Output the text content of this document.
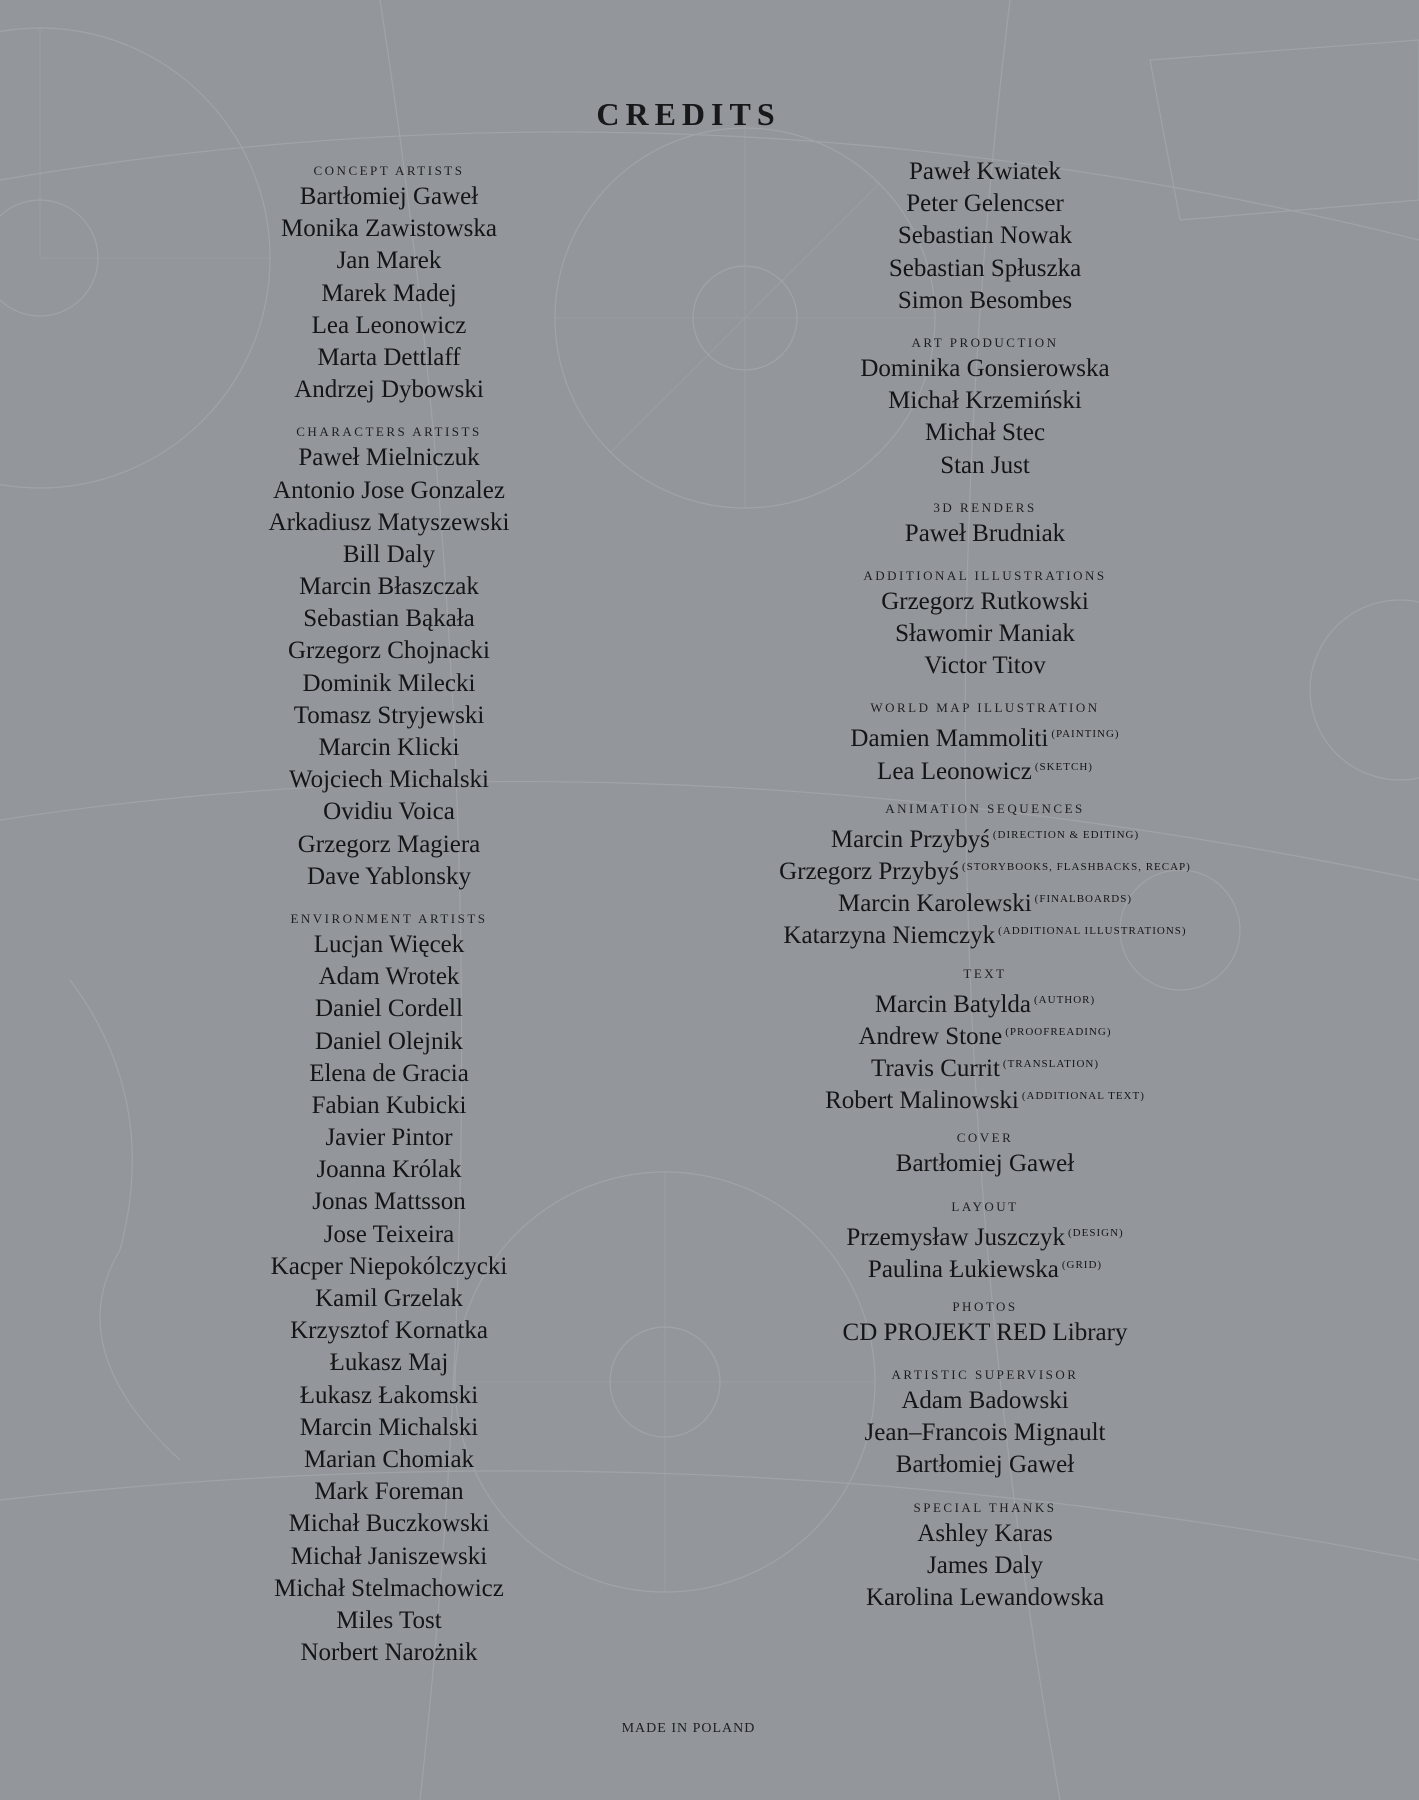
CREDITS
CONCEPT ARTISTS
Bartłomiej Gaweł
Monika Zawistowska
Jan Marek
Marek Madej
Lea Leonowicz
Marta Dettlaff
Andrzej Dybowski
CHARACTERS ARTISTS
Paweł Mielniczuk
Antonio Jose Gonzalez
Arkadiusz Matyszewski
Bill Daly
Marcin Błaszczak
Sebastian Bąkała
Grzegorz Chojnacki
Dominik Milecki
Tomasz Stryjewski
Marcin Klicki
Wojciech Michalski
Ovidiu Voica
Grzegorz Magiera
Dave Yablonsky
ENVIRONMENT ARTISTS
Lucjan Więcek
Adam Wrotek
Daniel Cordell
Daniel Olejnik
Elena de Gracia
Fabian Kubicki
Javier Pintor
Joanna Królak
Jonas Mattsson
Jose Teixeira
Kacper Niepokólczycki
Kamil Grzelak
Krzysztof Kornatka
Łukasz Maj
Łukasz Łakomski
Marcin Michalski
Marian Chomiak
Mark Foreman
Michał Buczkowski
Michał Janiszewski
Michał Stelmachowicz
Miles Tost
Norbert Narożnik
Paweł Kwiatek
Peter Gelencser
Sebastian Nowak
Sebastian Spłuszka
Simon Besombes
ART PRODUCTION
Dominika Gonsierowska
Michał Krzemiński
Michał Stec
Stan Just
3D RENDERS
Paweł Brudniak
ADDITIONAL ILLUSTRATIONS
Grzegorz Rutkowski
Sławomir Maniak
Victor Titov
WORLD MAP ILLUSTRATION
Damien Mammoliti $^{(PAINTING)}$
Lea Leonowicz $^{(SKETCH)}$
ANIMATION SEQUENCES
Marcin Przybyś $^{(DIRECTION \& EDITING)}$
Grzegorz Przybyś $^{(STORYBOOKS, FLASHBACKS, RECAP)}$
Marcin Karolewski $^{(FINALBOARDS)}$
Katarzyna Niemczyk $^{(ADDITIONAL ILLUSTRATIONS)}$
TEXT
Marcin Batylda $^{(AUTHOR)}$
Andrew Stone $^{(PROOFREADING)}$
Travis Currit $^{(TRANSLATION)}$
Robert Malinowski $^{(ADDITIONAL TEXT)}$
COVER
Bartłomiej Gaweł
LAYOUT
Przemysław Juszczyk $^{(DESIGN)}$
Paulina Łukiewska $^{(GRID)}$
PHOTOS
CD PROJEKT RED Library
ARTISTIC SUPERVISOR
Adam Badowski
Jean–Francois Mignault
Bartłomiej Gaweł
SPECIAL THANKS
Ashley Karas
James Daly
Karolina Lewandowska
MADE IN POLAND
